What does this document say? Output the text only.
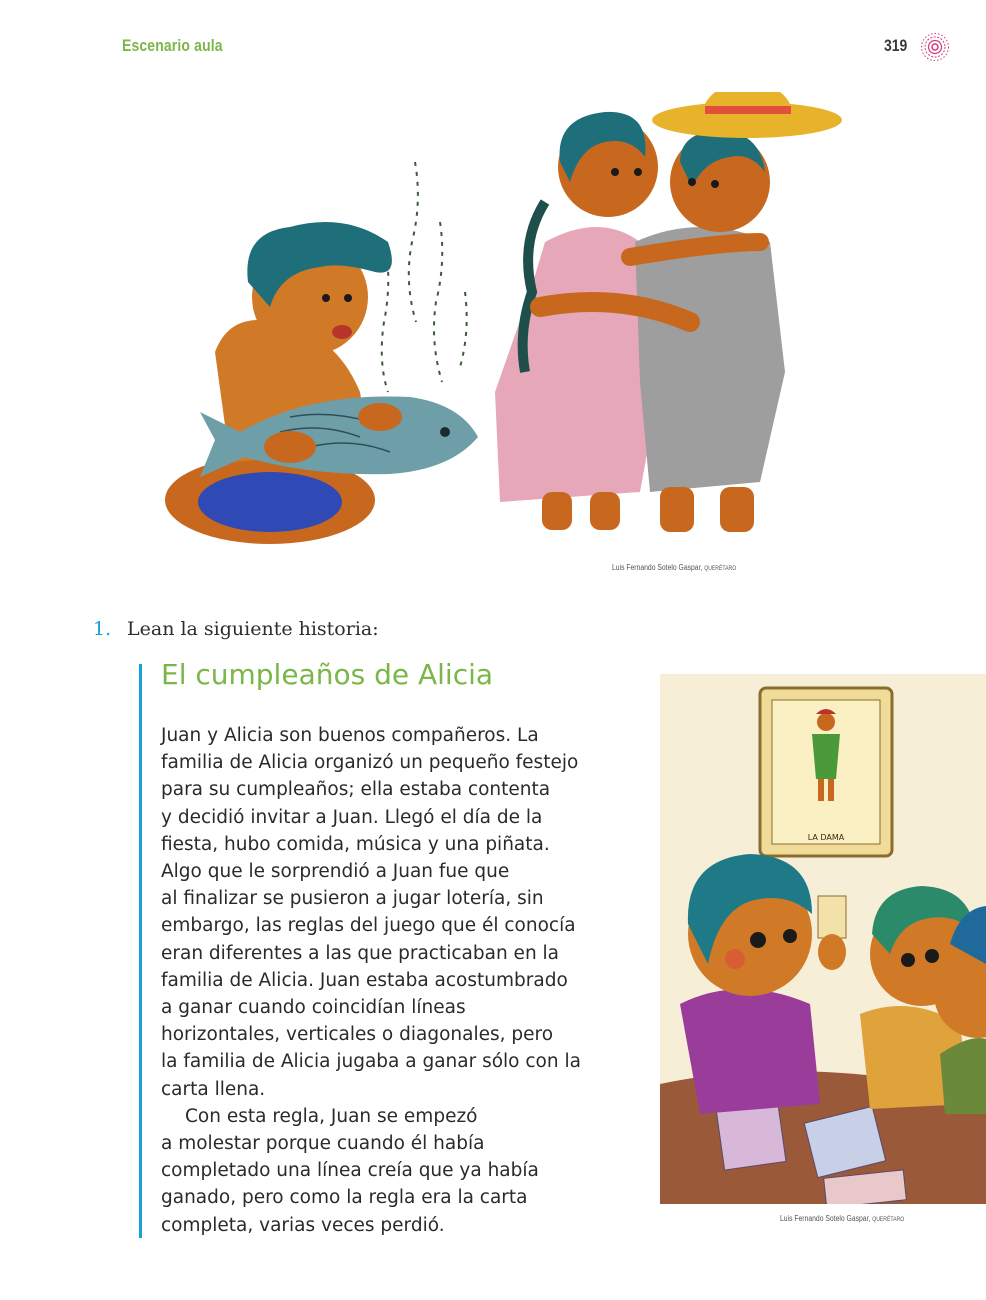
Escenario aula	319
Luis Fernando Sotelo Gaspar, QUERÉTARO
1. Lean la siguiente historia:
El cumpleaños de Alicia
Juan y Alicia son buenos compañeros. La
familia de Alicia organizó un pequeño festejo
para su cumpleaños; ella estaba contenta
y decidió invitar a Juan. Llegó el día de la
fiesta, hubo comida, música y una piñata.
Algo que le sorprendió a Juan fue que
al finalizar se pusieron a jugar lotería, sin
embargo, las reglas del juego que él conocía
eran diferentes a las que practicaban en la
familia de Alicia. Juan estaba acostumbrado
a ganar cuando coincidían líneas
horizontales, verticales o diagonales, pero
la familia de Alicia jugaba a ganar sólo con la
carta llena.
Con esta regla, Juan se empezó
a molestar porque cuando él había
completado una línea creía que ya había
ganado, pero como la regla era la carta
completa, varias veces perdió.
LA DAMA
Luis Fernando Sotelo Gaspar, QUERÉTARO
